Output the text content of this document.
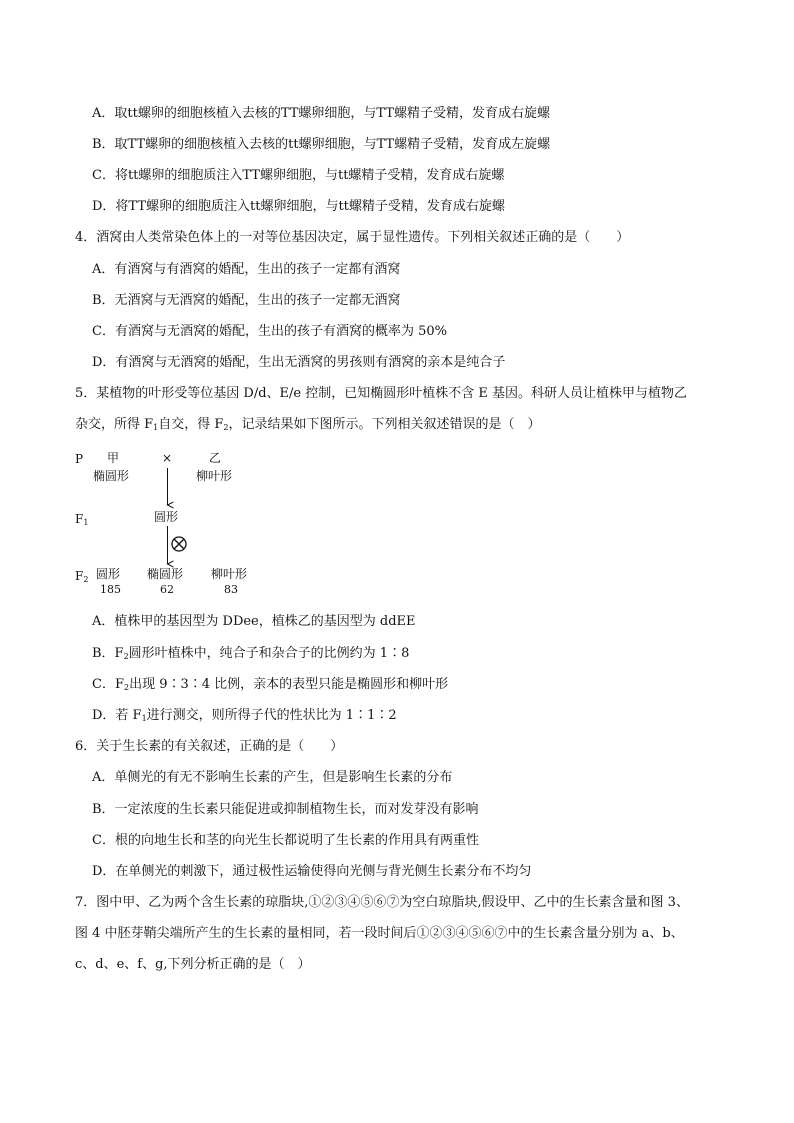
A．取tt螺卵的细胞核植入去核的TT螺卵细胞，与TT螺精子受精，发育成右旋螺
B．取TT螺卵的细胞核植入去核的tt螺卵细胞，与TT螺精子受精，发育成左旋螺
C．将tt螺卵的细胞质注入TT螺卵细胞，与tt螺精子受精，发育成右旋螺
D．将TT螺卵的细胞质注入tt螺卵细胞，与tt螺精子受精，发育成右旋螺
4．酒窝由人类常染色体上的一对等位基因决定，属于显性遗传。下列相关叙述正确的是（　　）
A．有酒窝与有酒窝的婚配，生出的孩子一定都有酒窝
B．无酒窝与无酒窝的婚配，生出的孩子一定都无酒窝
C．有酒窝与无酒窝的婚配，生出的孩子有酒窝的概率为 50%
D．有酒窝与无酒窝的婚配，生出无酒窝的男孩则有酒窝的亲本是纯合子
5．某植物的叶形受等位基因 D/d、E/e 控制，已知椭圆形叶植株不含 E 基因。科研人员让植株甲与植物乙
杂交，所得 $F_1$自交，得 $F_2$，记录结果如下图所示。下列相关叙述错误的是（　）
P 甲
椭圆形
×	乙
柳叶形
$F_1$	圆形
$F_2$ 圆形
185
椭圆形
62
柳叶形
83
A．植株甲的基因型为 DDee，植株乙的基因型为 ddEE
B．$F_2$圆形叶植株中，纯合子和杂合子的比例约为 1∶8
C．$F_2$出现 9∶3∶4 比例，亲本的表型只能是椭圆形和柳叶形
D．若 $F_1$进行测交，则所得子代的性状比为 1∶1∶2
6．关于生长素的有关叙述，正确的是（　　）
A．单侧光的有无不影响生长素的产生，但是影响生长素的分布
B．一定浓度的生长素只能促进或抑制植物生长，而对发芽没有影响
C．根的向地生长和茎的向光生长都说明了生长素的作用具有两重性
D．在单侧光的刺激下，通过极性运输使得向光侧与背光侧生长素分布不均匀
7．图中甲、乙为两个含生长素的琼脂块,①②③④⑤⑥⑦为空白琼脂块,假设甲、乙中的生长素含量和图 3、
图 4 中胚芽鞘尖端所产生的生长素的量相同，若一段时间后①②③④⑤⑥⑦中的生长素含量分别为 a、b、
c、d、e、f、g,下列分析正确的是（　）
